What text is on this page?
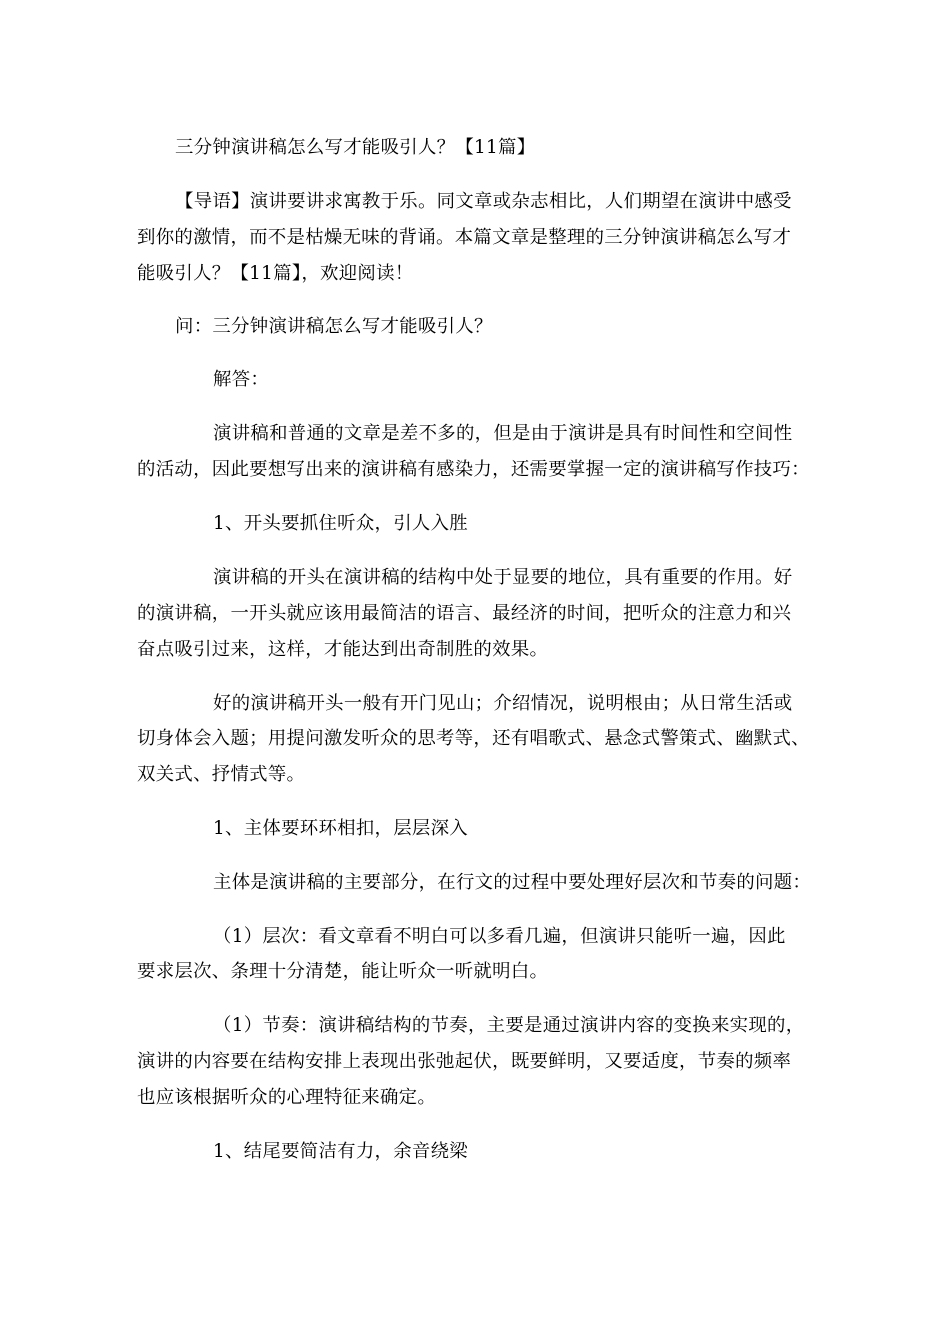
三分钟演讲稿怎么写才能吸引人？【11篇】
【导语】演讲要讲求寓教于乐。同文章或杂志相比，人们期望在演讲中感受
到你的激情，而不是枯燥无味的背诵。本篇文章是整理的三分钟演讲稿怎么写才
能吸引人？【11篇】，欢迎阅读！
问：三分钟演讲稿怎么写才能吸引人？
解答：
演讲稿和普通的文章是差不多的，但是由于演讲是具有时间性和空间性
的活动，因此要想写出来的演讲稿有感染力，还需要掌握一定的演讲稿写作技巧：
1、开头要抓住听众，引人入胜
演讲稿的开头在演讲稿的结构中处于显要的地位，具有重要的作用。好
的演讲稿，一开头就应该用最简洁的语言、最经济的时间，把听众的注意力和兴
奋点吸引过来，这样，才能达到出奇制胜的效果。
好的演讲稿开头一般有开门见山；介绍情况，说明根由；从日常生活或
切身体会入题；用提问激发听众的思考等，还有唱歌式、悬念式警策式、幽默式、
双关式、抒情式等。
1、主体要环环相扣，层层深入
主体是演讲稿的主要部分，在行文的过程中要处理好层次和节奏的问题：
（1）层次：看文章看不明白可以多看几遍，但演讲只能听一遍，因此
要求层次、条理十分清楚，能让听众一听就明白。
（1）节奏：演讲稿结构的节奏，主要是通过演讲内容的变换来实现的，
演讲的内容要在结构安排上表现出张弛起伏，既要鲜明，又要适度，节奏的频率
也应该根据听众的心理特征来确定。
1、结尾要简洁有力，余音绕梁
